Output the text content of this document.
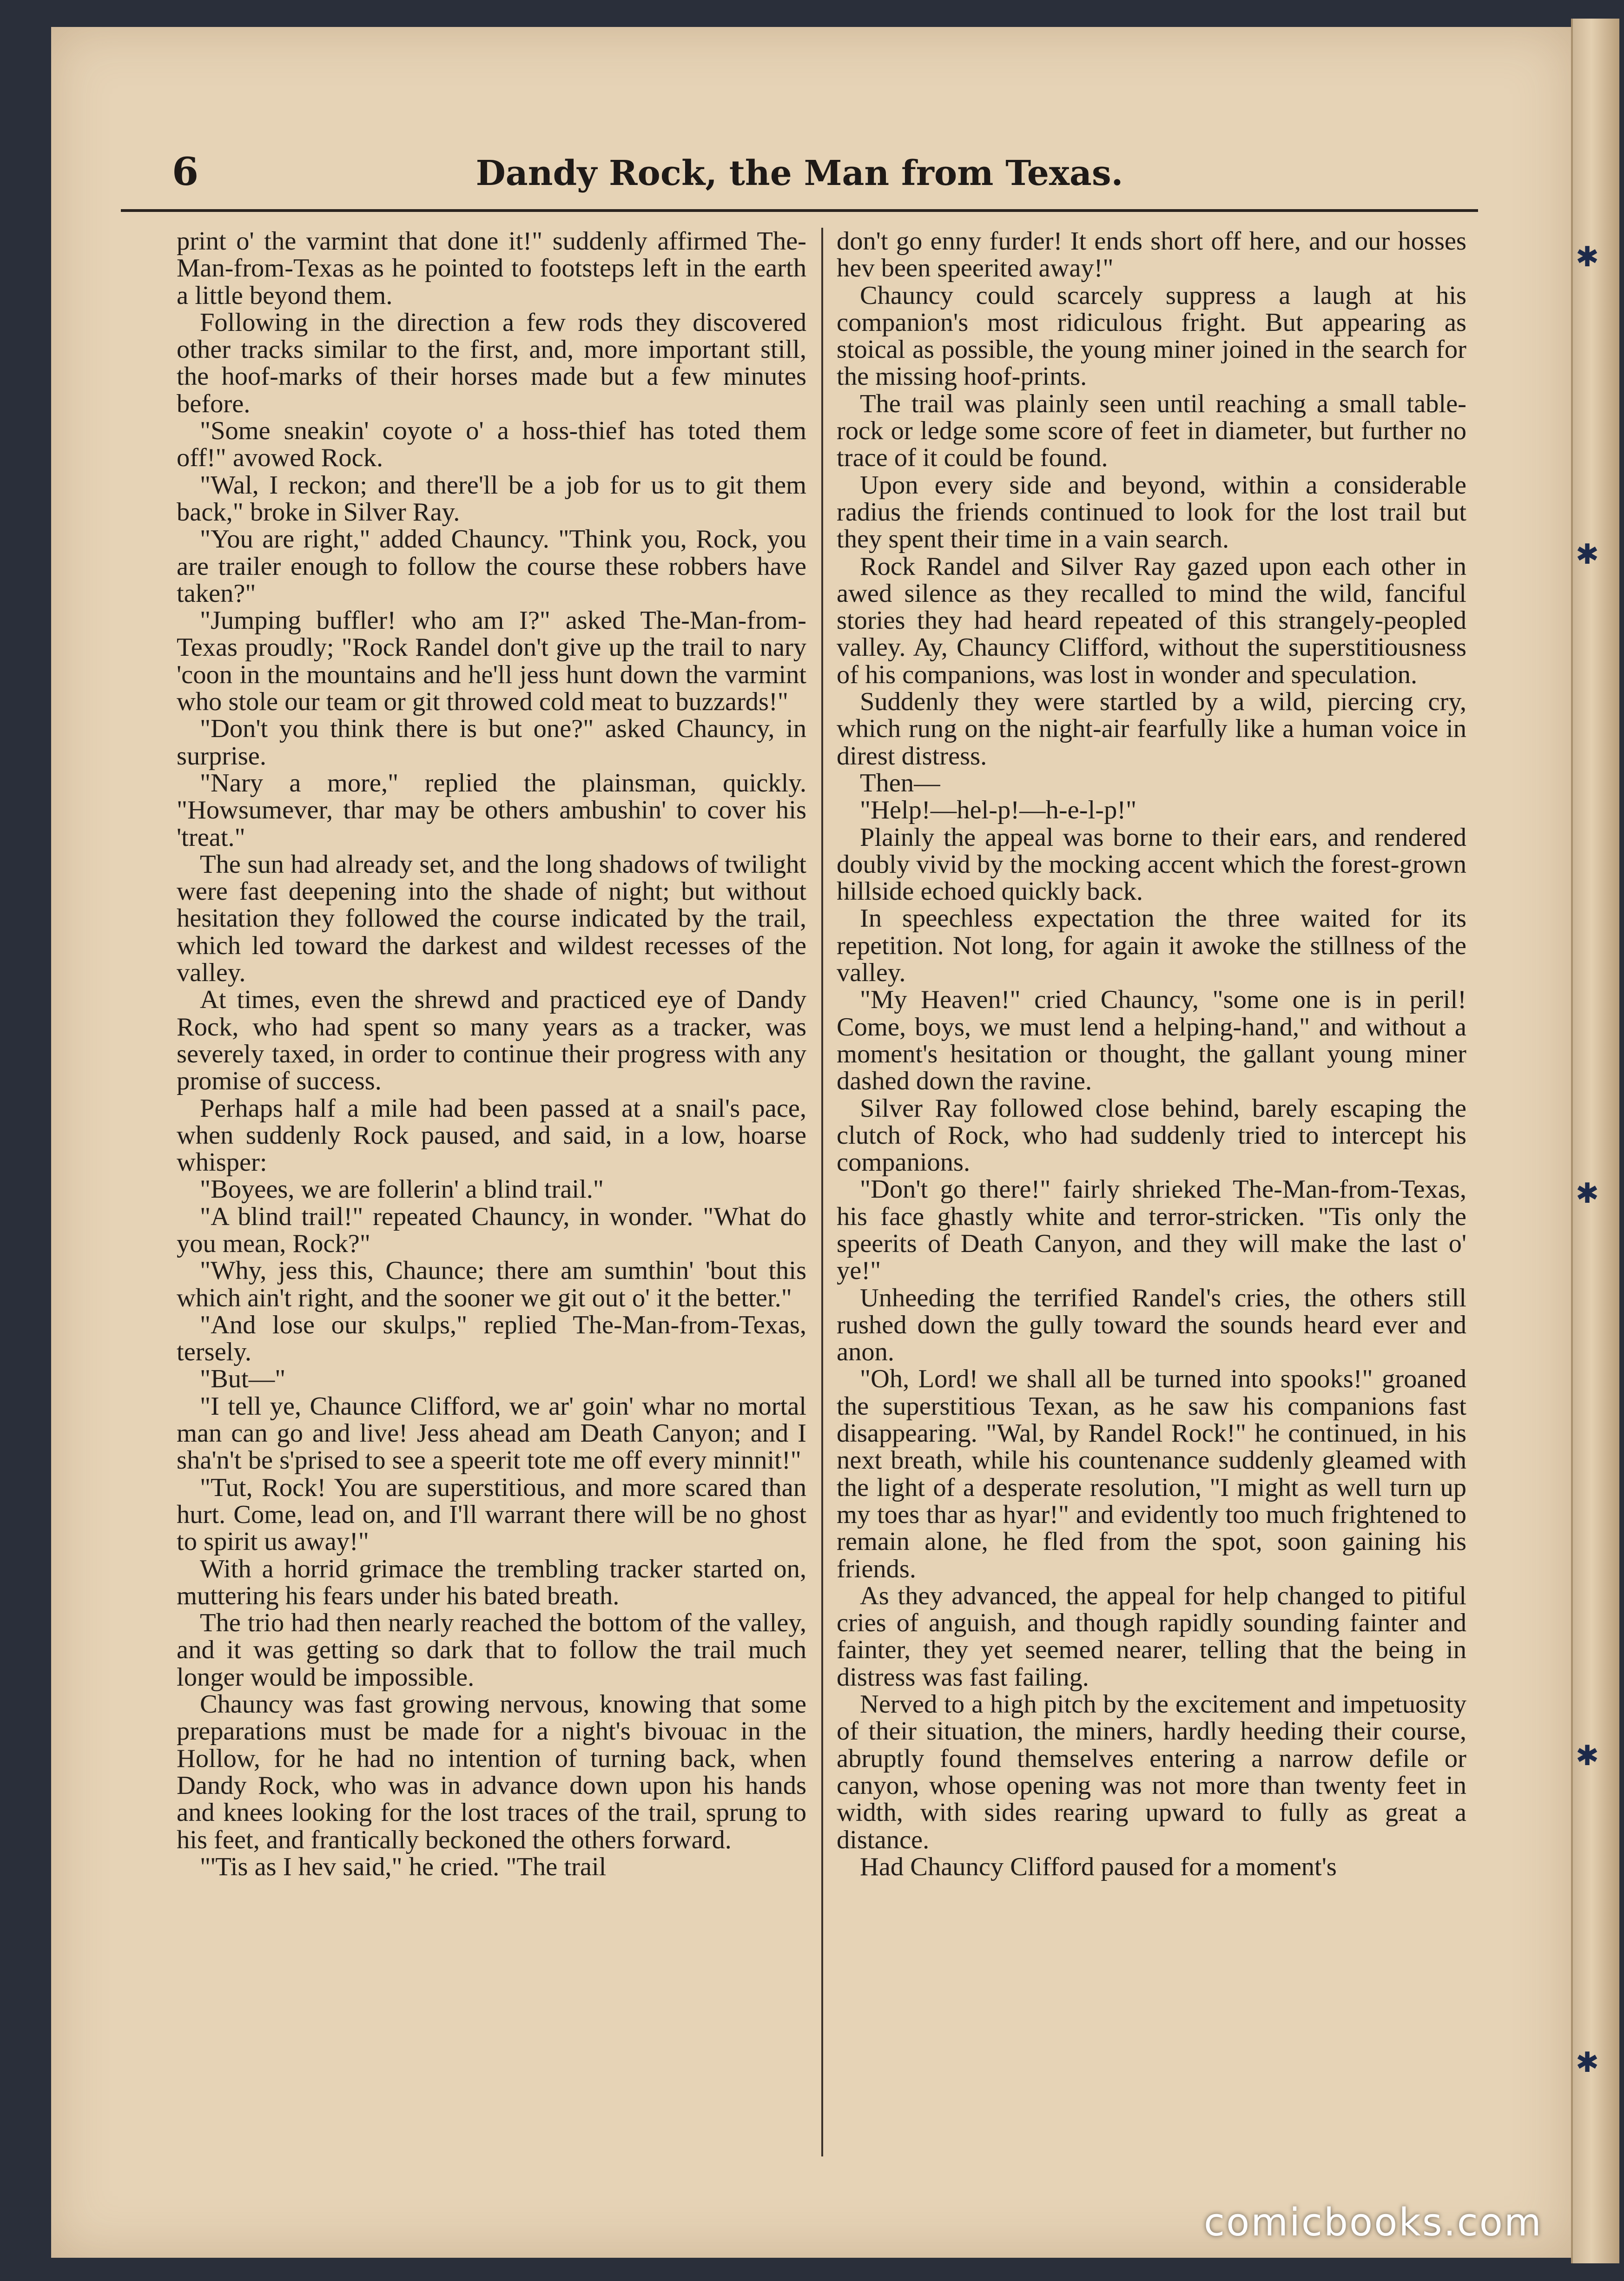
✱
✱
✱
✱
✱
6	Dandy Rock, the Man from Texas.

print o' the varmint that done it!" suddenly affirmed The-Man-from-Texas as he pointed to footsteps left in the earth a little beyond them.

Following in the direction a few rods they discovered other tracks similar to the first, and, more important still, the hoof-marks of their horses made but a few minutes before.

"Some sneakin' coyote o' a hoss-thief has toted them off!" avowed Rock.

"Wal, I reckon; and there'll be a job for us to git them back," broke in Silver Ray.

"You are right," added Chauncy. "Think you, Rock, you are trailer enough to follow the course these robbers have taken?"

"Jumping buffler! who am I?" asked The-Man-from-Texas proudly; "Rock Randel don't give up the trail to nary 'coon in the mountains and he'll jess hunt down the varmint who stole our team or git throwed cold meat to buzzards!"

"Don't you think there is but one?" asked Chauncy, in surprise.

"Nary a more," replied the plainsman, quickly. "Howsumever, thar may be others ambushin' to cover his 'treat."

The sun had already set, and the long shadows of twilight were fast deepening into the shade of night; but without hesitation they followed the course indicated by the trail, which led toward the darkest and wildest recesses of the valley.

At times, even the shrewd and practiced eye of Dandy Rock, who had spent so many years as a tracker, was severely taxed, in order to continue their progress with any promise of success.

Perhaps half a mile had been passed at a snail's pace, when suddenly Rock paused, and said, in a low, hoarse whisper:

"Boyees, we are follerin' a blind trail."

"A blind trail!" repeated Chauncy, in wonder. "What do you mean, Rock?"

"Why, jess this, Chaunce; there am sumthin' 'bout this which ain't right, and the sooner we git out o' it the better."

"And lose our skulps," replied The-Man-from-Texas, tersely.

"But—"

"I tell ye, Chaunce Clifford, we ar' goin' whar no mortal man can go and live! Jess ahead am Death Canyon; and I sha'n't be s'prised to see a speerit tote me off every minnit!"

"Tut, Rock! You are superstitious, and more scared than hurt. Come, lead on, and I'll warrant there will be no ghost to spirit us away!"

With a horrid grimace the trembling tracker started on, muttering his fears under his bated breath.

The trio had then nearly reached the bottom of the valley, and it was getting so dark that to follow the trail much longer would be impossible.

Chauncy was fast growing nervous, knowing that some preparations must be made for a night's bivouac in the Hollow, for he had no intention of turning back, when Dandy Rock, who was in advance down upon his hands and knees looking for the lost traces of the trail, sprung to his feet, and frantically beckoned the others forward.

"'Tis as I hev said," he cried. "The trail

don't go enny furder! It ends short off here, and our hosses hev been speerited away!"

Chauncy could scarcely suppress a laugh at his companion's most ridiculous fright. But appearing as stoical as possible, the young miner joined in the search for the missing hoof-prints.

The trail was plainly seen until reaching a small table-rock or ledge some score of feet in diameter, but further no trace of it could be found.

Upon every side and beyond, within a considerable radius the friends continued to look for the lost trail but they spent their time in a vain search.

Rock Randel and Silver Ray gazed upon each other in awed silence as they recalled to mind the wild, fanciful stories they had heard repeated of this strangely-peopled valley. Ay, Chauncy Clifford, without the superstitiousness of his companions, was lost in wonder and speculation.

Suddenly they were startled by a wild, piercing cry, which rung on the night-air fearfully like a human voice in direst distress.

Then—

"Help!—hel-p!—h-e-l-p!"

Plainly the appeal was borne to their ears, and rendered doubly vivid by the mocking accent which the forest-grown hillside echoed quickly back.

In speechless expectation the three waited for its repetition. Not long, for again it awoke the stillness of the valley.

"My Heaven!" cried Chauncy, "some one is in peril! Come, boys, we must lend a helping-hand," and without a moment's hesitation or thought, the gallant young miner dashed down the ravine.

Silver Ray followed close behind, barely escaping the clutch of Rock, who had suddenly tried to intercept his companions.

"Don't go there!" fairly shrieked The-Man-from-Texas, his face ghastly white and terror-stricken. "Tis only the speerits of Death Canyon, and they will make the last o' ye!"

Unheeding the terrified Randel's cries, the others still rushed down the gully toward the sounds heard ever and anon.

"Oh, Lord! we shall all be turned into spooks!" groaned the superstitious Texan, as he saw his companions fast disappearing. "Wal, by Randel Rock!" he continued, in his next breath, while his countenance suddenly gleamed with the light of a desperate resolution, "I might as well turn up my toes thar as hyar!" and evidently too much frightened to remain alone, he fled from the spot, soon gaining his friends.

As they advanced, the appeal for help changed to pitiful cries of anguish, and though rapidly sounding fainter and fainter, they yet seemed nearer, telling that the being in distress was fast failing.

Nerved to a high pitch by the excitement and impetuosity of their situation, the miners, hardly heeding their course, abruptly found themselves entering a narrow defile or canyon, whose opening was not more than twenty feet in width, with sides rearing upward to fully as great a distance.

Had Chauncy Clifford paused for a moment's

comicbooks.com
